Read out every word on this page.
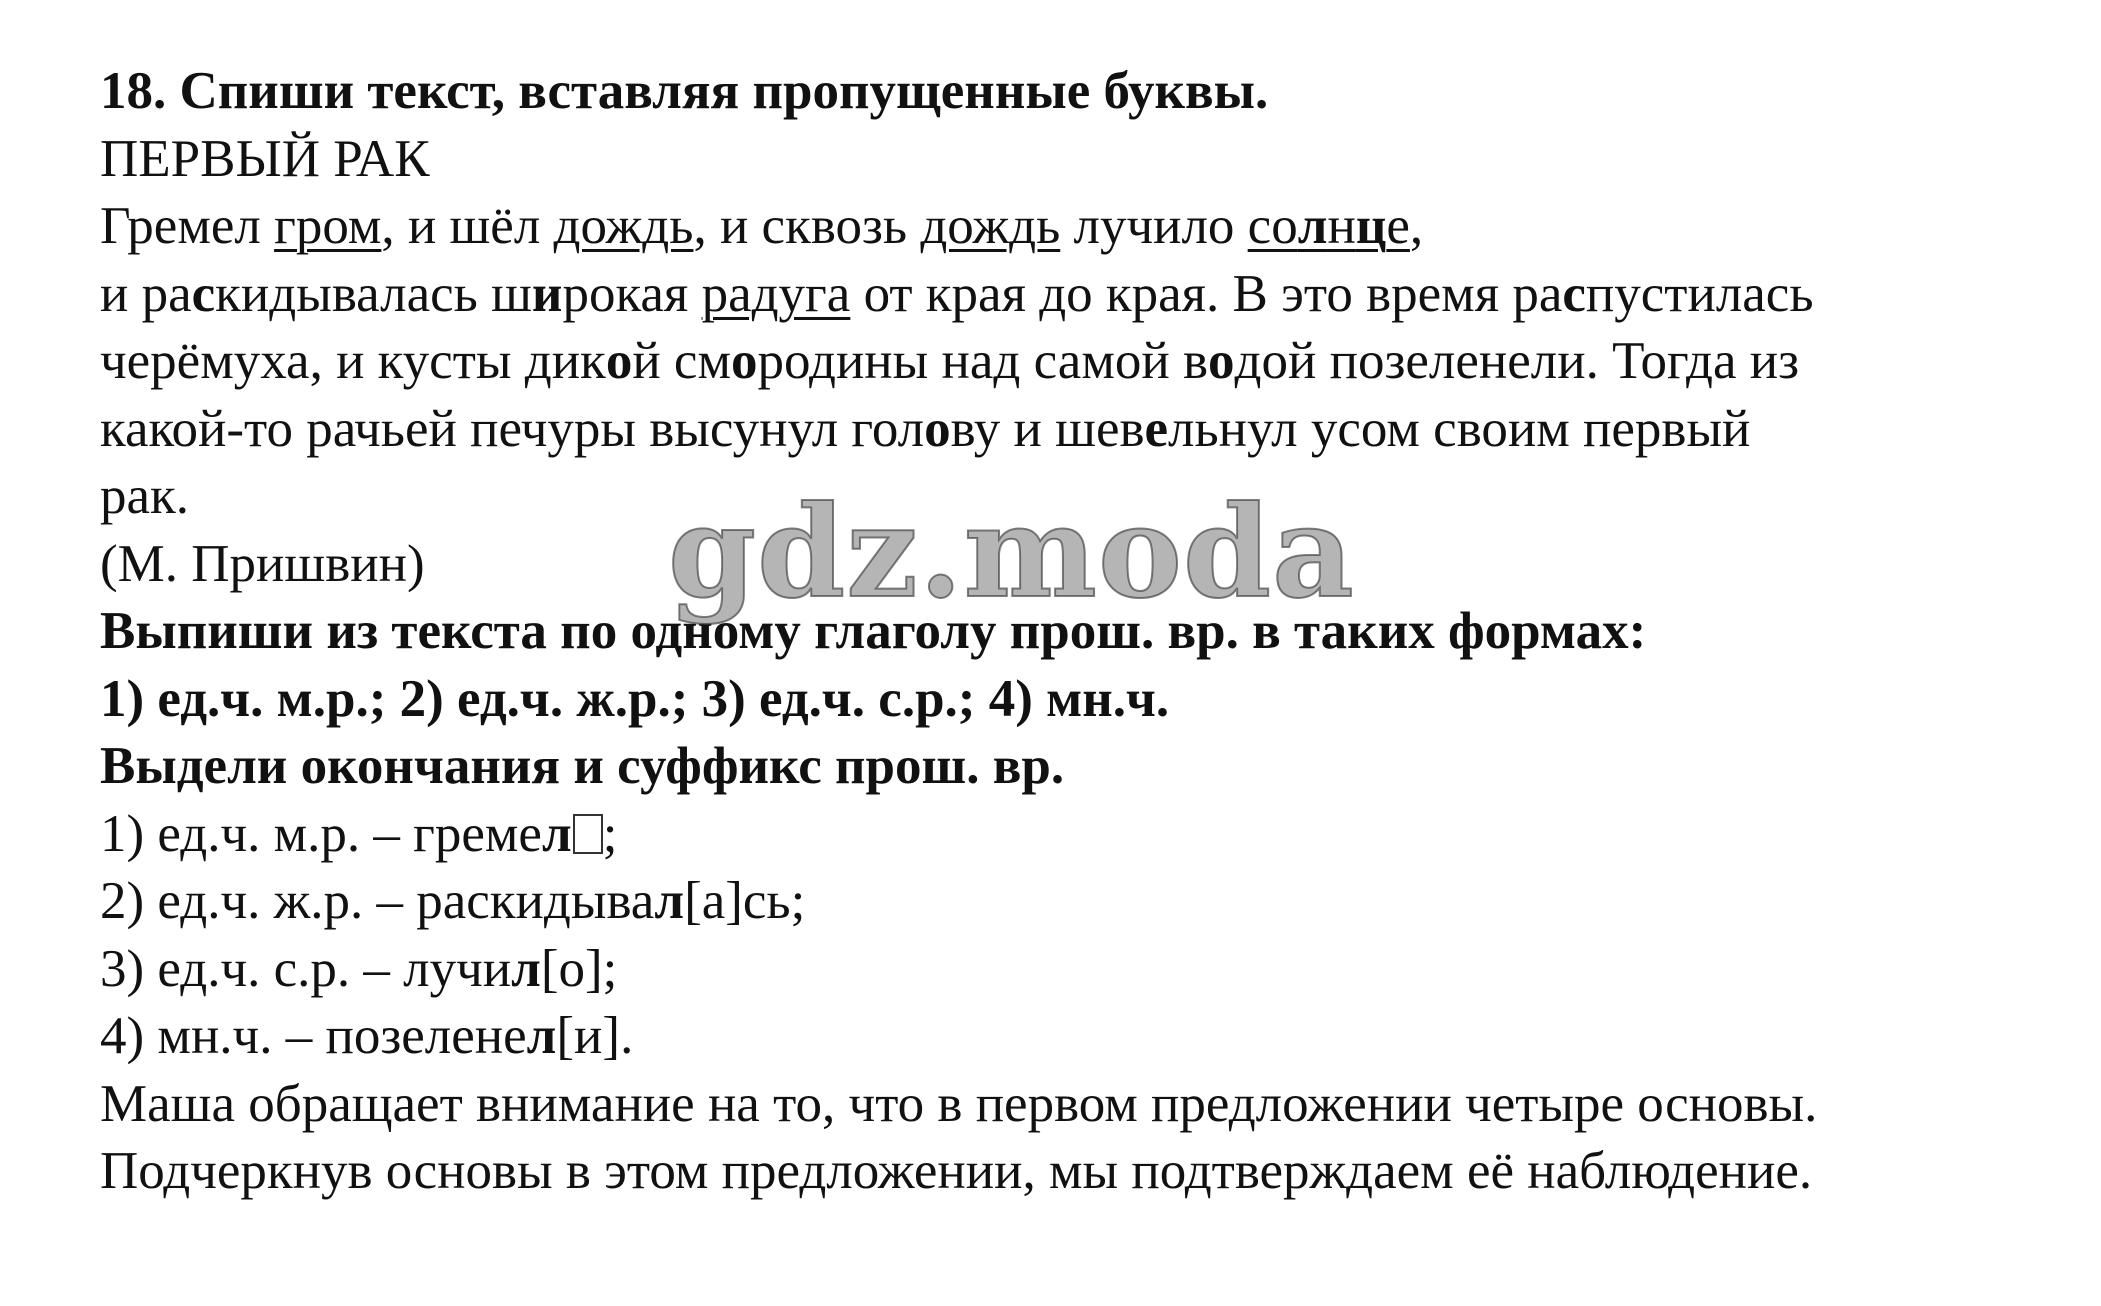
18. Спиши текст, вставляя пропущенные буквы.
ПЕРВЫЙ РАК
Гремел гром, и шёл дождь, и сквозь дождь лучило солнце,
и раскидывалась широкая радуга от края до края. В это время распустилась
черёмуха, и кусты дикой смородины над самой водой позеленели. Тогда из
какой-то рачьей печуры высунул голову и шевельнул усом своим первый
рак.
(М. Пришвин)
Выпиши из текста по одному глаголу прош. вр. в таких формах:
1) ед.ч. м.р.; 2) ед.ч. ж.р.; 3) ед.ч. с.р.; 4) мн.ч.
Выдели окончания и суффикс прош. вр.
1) ед.ч. м.р. – гремел ;
2) ед.ч. ж.р. – раскидывал[а]сь;
3) ед.ч. с.р. – лучил[о];
4) мн.ч. – позеленел[и].
Маша обращает внимание на то, что в первом предложении четыре основы.
Подчеркнув основы в этом предложении, мы подтверждаем её наблюдение.
gdz.moda
